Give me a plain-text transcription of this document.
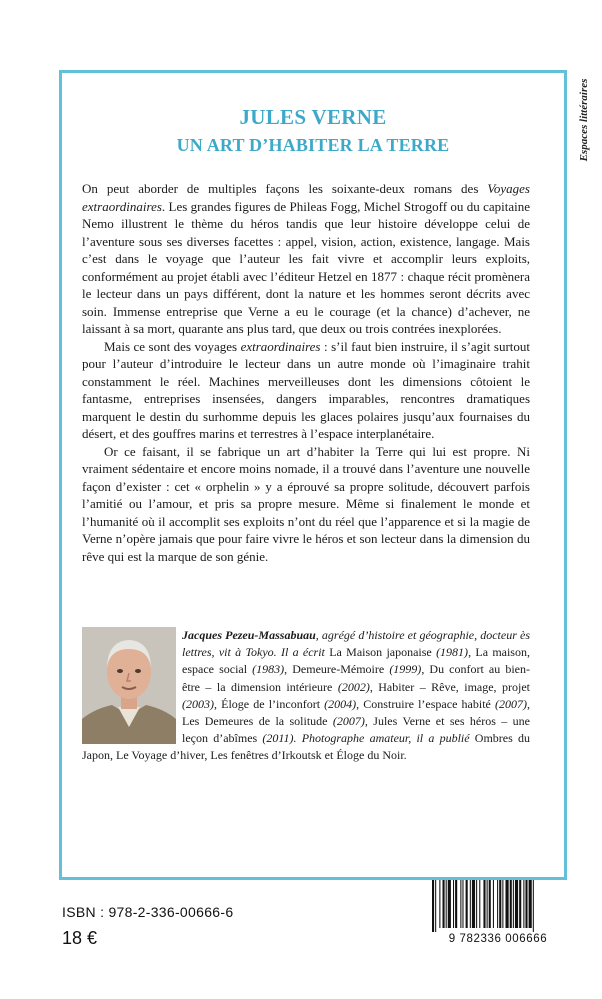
Espaces littéraires
JULES VERNE
UN ART D’HABITER LA TERRE

On peut aborder de multiples façons les soixante-deux romans des Voyages extraordinaires. Les grandes figures de Phileas Fogg, Michel Strogoff ou du capitaine Nemo illustrent le thème du héros tandis que leur histoire développe celui de l’aventure sous ses diverses facettes : appel, vision, action, existence, langage. Mais c’est dans le voyage que l’auteur les fait vivre et accomplir leurs exploits, conformément au projet établi avec l’éditeur Hetzel en 1877 : chaque récit promènera le lecteur dans un pays différent, dont la nature et les hommes seront décrits avec soin. Immense entreprise que Verne a eu le courage (et la chance) d’achever, ne laissant à sa mort, quarante ans plus tard, que deux ou trois contrées inexplorées.

Mais ce sont des voyages extraordinaires : s’il faut bien instruire, il s’agit surtout pour l’auteur d’introduire le lecteur dans un autre monde où l’imaginaire trahit constamment le réel. Machines merveilleuses dont les dimensions côtoient le fantasme, entreprises insensées, dangers imparables, rencontres dramatiques marquent le destin du surhomme depuis les glaces polaires jusqu’aux fournaises du désert, et des gouffres marins et terrestres à l’espace interplanétaire.

Or ce faisant, il se fabrique un art d’habiter la Terre qui lui est propre. Ni vraiment sédentaire et encore moins nomade, il a trouvé dans l’aventure une nouvelle façon d’exister : cet « orphelin » y a éprouvé sa propre solitude, découvert parfois l’amitié ou l’amour, et pris sa propre mesure. Même si finalement le monde et l’humanité où il accomplit ses exploits n’ont du réel que l’apparence et si la magie de Verne n’opère jamais que pour faire vivre le héros et son lecteur dans la dimension du rêve qui est la marque de son génie.

Jacques Pezeu-Massabuau, agrégé d’histoire et géographie, docteur ès lettres, vit à Tokyo. Il a écrit La Maison japonaise (1981), La maison, espace social (1983), Demeure-Mémoire (1999), Du confort au bien-être – la dimension intérieure (2002), Habiter – Rêve, image, projet (2003), Éloge de l’inconfort (2004), Construire l’espace habité (2007), Les Demeures de la solitude (2007), Jules Verne et ses héros – une leçon d’abîmes (2011). Photographe amateur, il a publié Ombres du Japon, Le Voyage d’hiver, Les fenêtres d’Irkoutsk et Éloge du Noir.
ISBN : 978-2-336-00666-6
18 €	9 782336 006666
